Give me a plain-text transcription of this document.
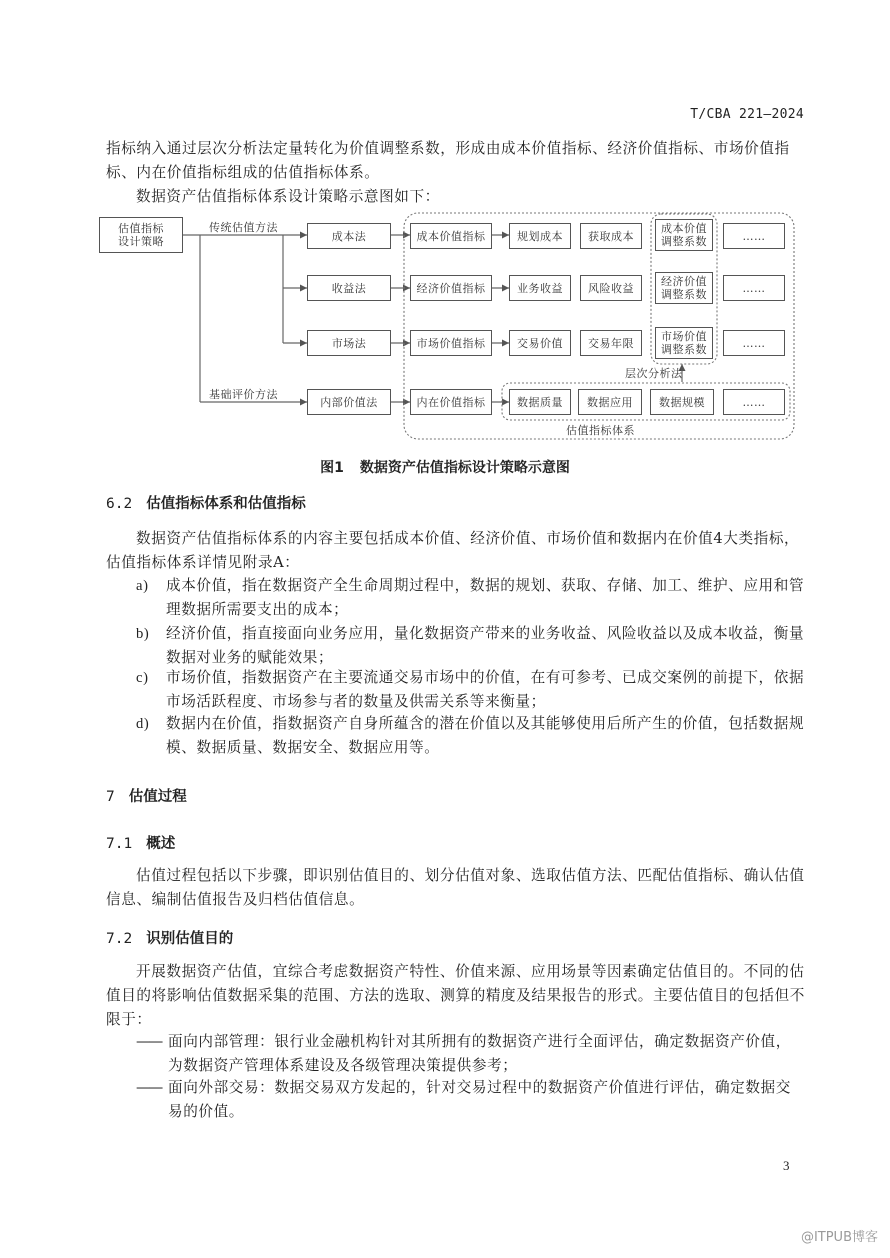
T/CBA 221—2024
指标纳入通过层次分析法定量转化为价值调整系数，形成由成本价值指标、经济价值指标、市场价值指标、内在价值指标组成的估值指标体系。
数据资产估值指标体系设计策略示意图如下：
估值指标
设计策略
传统估值方法
基础评价方法
成本法
收益法
市场法
内部价值法
成本价值指标
经济价值指标
市场价值指标
内在价值指标
规划成本	获取成本
成本价值
调整系数	……
业务收益	风险收益	经济价值
调整系数	……
交易价值	交易年限	市场价值
调整系数	……
层次分析法
数据质量	数据应用	数据规模	……
估值指标体系
图1 数据资产估值指标设计策略示意图
6.2 估值指标体系和估值指标
数据资产估值指标体系的内容主要包括成本价值、经济价值、市场价值和数据内在价值4大类指标，估值指标体系详情见附录A：
a)	成本价值，指在数据资产全生命周期过程中，数据的规划、获取、存储、加工、维护、应用和管理数据所需要支出的成本；
b)	经济价值，指直接面向业务应用，量化数据资产带来的业务收益、风险收益以及成本收益，衡量数据对业务的赋能效果；
c)	市场价值，指数据资产在主要流通交易市场中的价值，在有可参考、已成交案例的前提下，依据市场活跃程度、市场参与者的数量及供需关系等来衡量；
d)	数据内在价值，指数据资产自身所蕴含的潜在价值以及其能够使用后所产生的价值，包括数据规模、数据质量、数据安全、数据应用等。
7 估值过程
7.1 概述
估值过程包括以下步骤，即识别估值目的、划分估值对象、选取估值方法、匹配估值指标、确认估值信息、编制估值报告及归档估值信息。
7.2 识别估值目的
开展数据资产估值，宜综合考虑数据资产特性、价值来源、应用场景等因素确定估值目的。不同的估值目的将影响估值数据采集的范围、方法的选取、测算的精度及结果报告的形式。主要估值目的包括但不限于：
—— 面向内部管理：银行业金融机构针对其所拥有的数据资产进行全面评估，确定数据资产价值，为数据资产管理体系建设及各级管理决策提供参考；
—— 面向外部交易：数据交易双方发起的，针对交易过程中的数据资产价值进行评估，确定数据交易的价值。
3
@ITPUB博客
